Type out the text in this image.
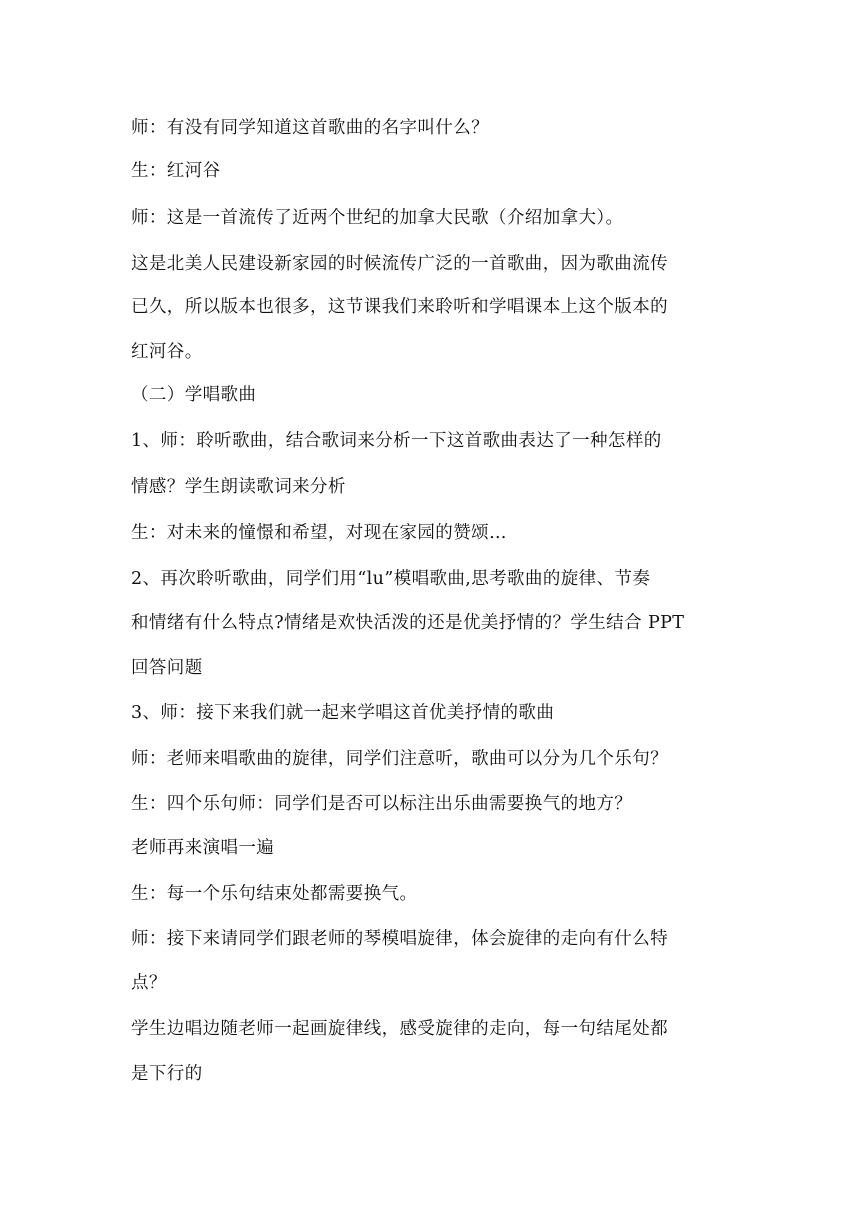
师：有没有同学知道这首歌曲的名字叫什么？
生：红河谷
师：这是一首流传了近两个世纪的加拿大民歌（介绍加拿大）。
这是北美人民建设新家园的时候流传广泛的一首歌曲，因为歌曲流传
已久，所以版本也很多，这节课我们来聆听和学唱课本上这个版本的
红河谷。
（二）学唱歌曲
1、师：聆听歌曲，结合歌词来分析一下这首歌曲表达了一种怎样的
情感？学生朗读歌词来分析
生：对未来的憧憬和希望，对现在家园的赞颂…
2、再次聆听歌曲，同学们用“lu”模唱歌曲,思考歌曲的旋律、节奏
和情绪有什么特点?情绪是欢快活泼的还是优美抒情的？学生结合 PPT
回答问题
3、师：接下来我们就一起来学唱这首优美抒情的歌曲
师：老师来唱歌曲的旋律，同学们注意听，歌曲可以分为几个乐句？
生：四个乐句师：同学们是否可以标注出乐曲需要换气的地方？
老师再来演唱一遍
生：每一个乐句结束处都需要换气。
师：接下来请同学们跟老师的琴模唱旋律，体会旋律的走向有什么特
点？
学生边唱边随老师一起画旋律线，感受旋律的走向，每一句结尾处都
是下行的
